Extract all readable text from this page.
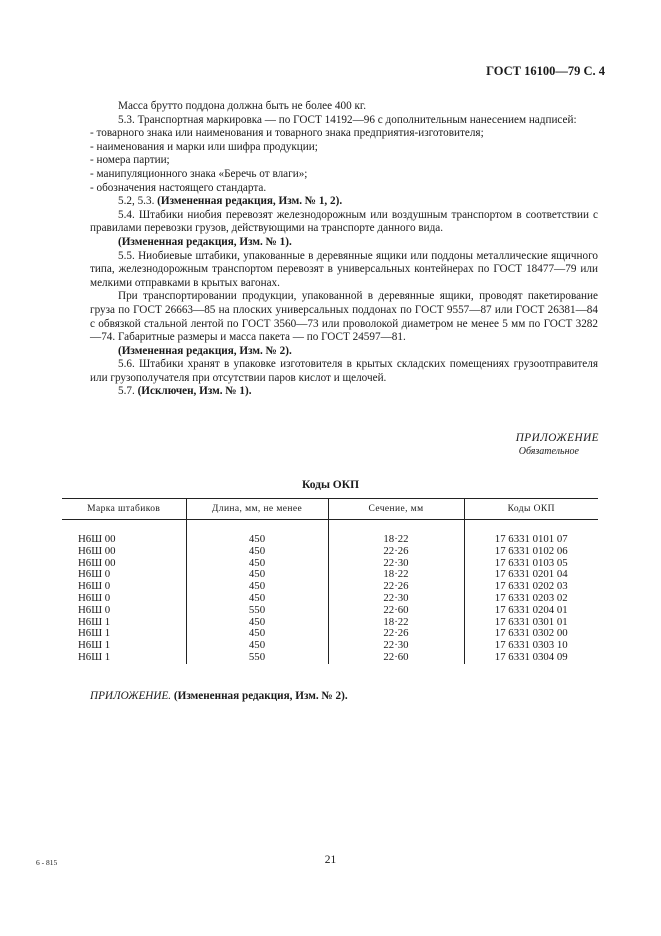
ГОСТ 16100—79 С. 4

Масса брутто поддона должна быть не более 400 кг.

5.3. Транспортная маркировка — по ГОСТ 14192—96 с дополнительным нанесением надписей:

- товарного знака или наименования и товарного знака предприятия-изготовителя;

- наименования и марки или шифра продукции;

- номера партии;

- манипуляционного знака «Беречь от влаги»;

- обозначения настоящего стандарта.

5.2, 5.3. (Измененная редакция, Изм. № 1, 2).

5.4. Штабики ниобия перевозят железнодорожным или воздушным транспортом в соответствии с правилами перевозки грузов, действующими на транспорте данного вида.

(Измененная редакция, Изм. № 1).

5.5. Ниобиевые штабики, упакованные в деревянные ящики или поддоны металлические ящичного типа, железнодорожным транспортом перевозят в универсальных контейнерах по ГОСТ 18477—79 или мелкими отправками в крытых вагонах.

При транспортировании продукции, упакованной в деревянные ящики, проводят пакетирование груза по ГОСТ 26663—85 на плоских универсальных поддонах по ГОСТ 9557—87 или ГОСТ 26381—84 с обвязкой стальной лентой по ГОСТ 3560—73 или проволокой диаметром не менее 5 мм по ГОСТ 3282—74. Габаритные размеры и масса пакета — по ГОСТ 24597—81.

(Измененная редакция, Изм. № 2).

5.6. Штабики хранят в упаковке изготовителя в крытых складских помещениях грузоотправителя или грузополучателя при отсутствии паров кислот и щелочей.

5.7. (Исключен, Изм. № 1).

ПРИЛОЖЕНИЕ
Обязательное
Коды ОКП
Марка штабиков	Длина, мм, не менее	Сечение, мм	Коды ОКП
Н6Ш 00	450	18·22	17 6331 0101 07
Н6Ш 00	450	22·26	17 6331 0102 06
Н6Ш 00	450	22·30	17 6331 0103 05
Н6Ш 0	450	18·22	17 6331 0201 04
Н6Ш 0	450	22·26	17 6331 0202 03
Н6Ш 0	450	22·30	17 6331 0203 02
Н6Ш 0	550	22·60	17 6331 0204 01
Н6Ш 1	450	18·22	17 6331 0301 01
Н6Ш 1	450	22·26	17 6331 0302 00
Н6Ш 1	450	22·30	17 6331 0303 10
Н6Ш 1	550	22·60	17 6331 0304 09
ПРИЛОЖЕНИЕ. (Измененная редакция, Изм. № 2).
6 - 815	21
